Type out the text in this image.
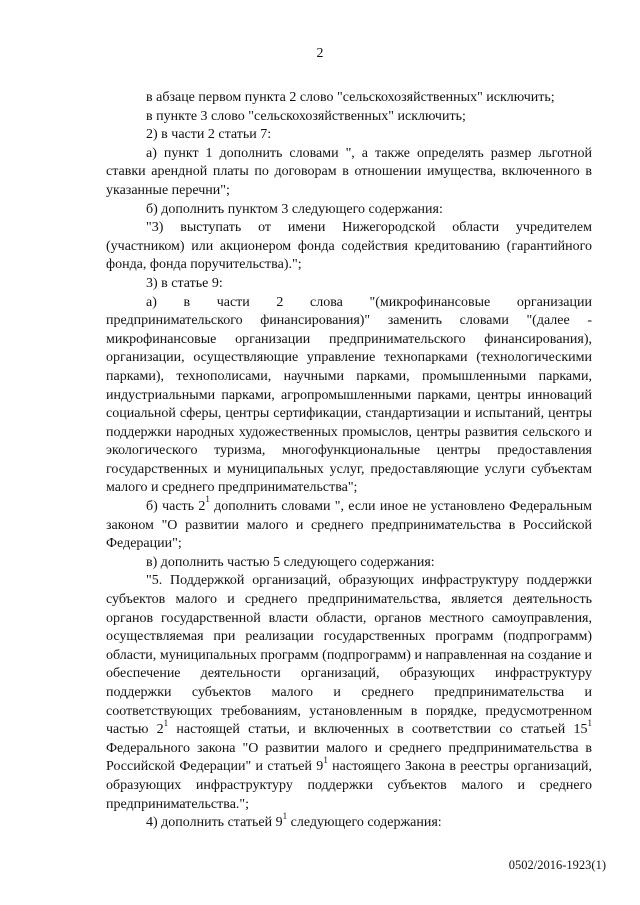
2

в абзаце первом пункта 2 слово "сельскохозяйственных" исключить;

в пункте 3 слово "сельскохозяйственных" исключить;

2) в части 2 статьи 7:

а) пункт 1 дополнить словами ", а также определять размер льготной ставки арендной платы по договорам в отношении имущества, включенного в указанные перечни";

б) дополнить пунктом 3 следующего содержания:

"3) выступать от имени Нижегородской области учредителем (участником) или акционером фонда содействия кредитованию (гарантийного фонда, фонда поручительства).";

3) в статье 9:

а) в части 2 слова "(микрофинансовые организации предпринимательского финансирования)" заменить словами "(далее - микрофинансовые организации предпринимательского финансирования), организации, осуществляющие управление технопарками (технологическими парками), технополисами, научными парками, промышленными парками, индустриальными парками, агропромышленными парками, центры инноваций социальной сферы, центры сертификации, стандартизации и испытаний, центры поддержки народных художественных промыслов, центры развития сельского и экологического туризма, многофункциональные центры предоставления государственных и муниципальных услуг, предоставляющие услуги субъектам малого и среднего предпринимательства";

б) часть $2^1$ дополнить словами ", если иное не установлено Федеральным законом "О развитии малого и среднего предпринимательства в Российской Федерации";

в) дополнить частью 5 следующего содержания:

"5. Поддержкой организаций, образующих инфраструктуру поддержки субъектов малого и среднего предпринимательства, является деятельность органов государственной власти области, органов местного самоуправления, осуществляемая при реализации государственных программ (подпрограмм) области, муниципальных программ (подпрограмм) и направленная на создание и обеспечение деятельности организаций, образующих инфраструктуру поддержки субъектов малого и среднего предпринимательства и соответствующих требованиям, установленным в порядке, предусмотренном частью $2^1$ настоящей статьи, и включенных в соответствии со статьей $15^1$ Федерального закона "О развитии малого и среднего предпринимательства в Российской Федерации" и статьей $9^1$ настоящего Закона в реестры организаций, образующих инфраструктуру поддержки субъектов малого и среднего предпринимательства.";

4) дополнить статьей $9^1$ следующего содержания:

0502/2016-1923(1)
